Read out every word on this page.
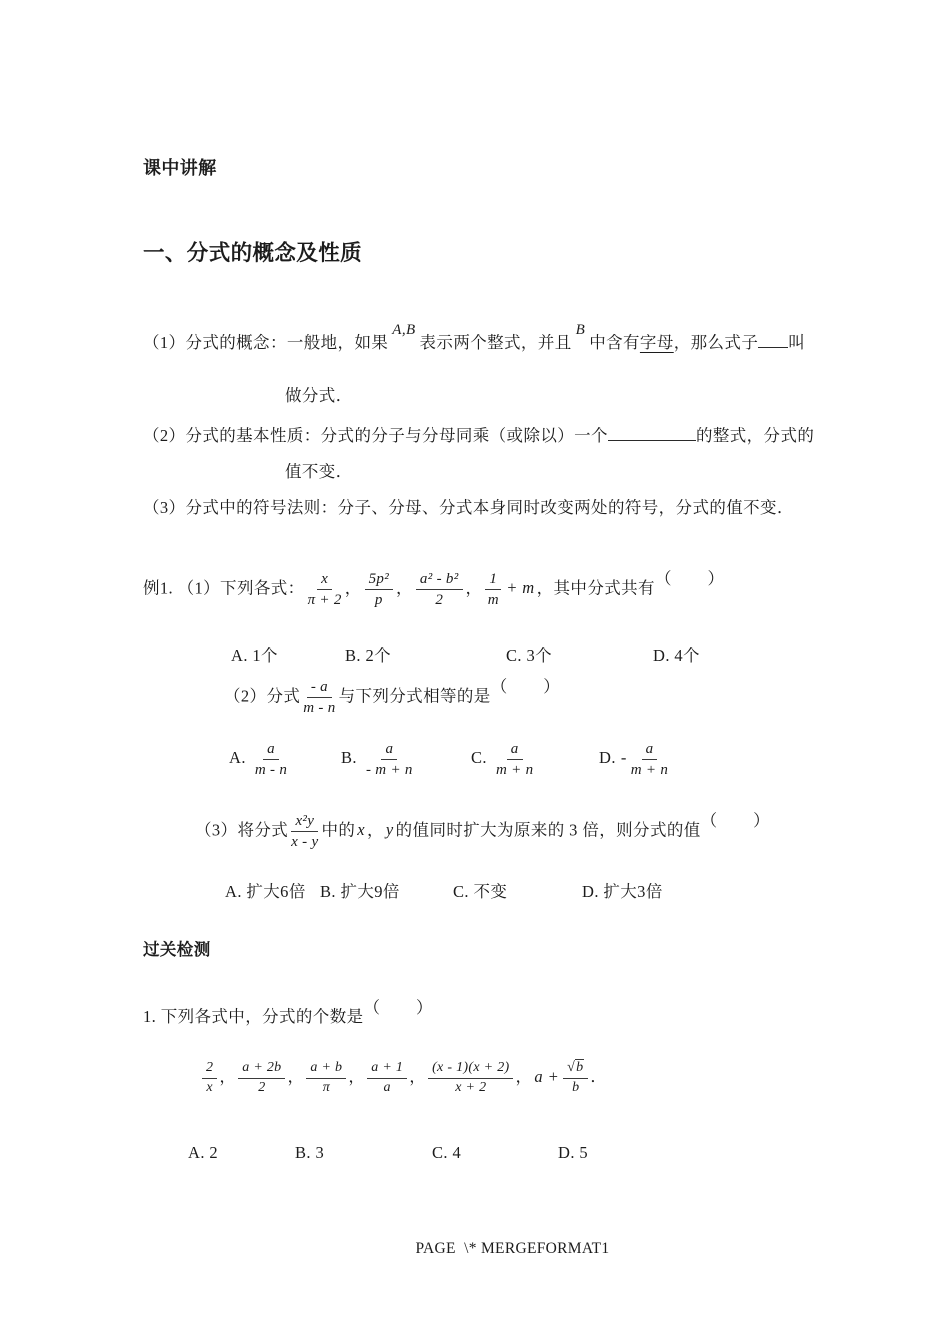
课中讲解
一、分式的概念及性质
（1）分式的概念：一般地，如果A,B表示两个整式，并且B中含有字母，那么式子 叫
做分式．
（2）分式的基本性质：分式的分子与分母同乘（或除以）一个	的整式，分式的
值不变．
（3）分式中的符号法则：分子、分母、分式本身同时改变两处的符号，分式的值不变．
例1. （1）下列各式： $\frac{x}{\pi + 2}$ ， $\frac{\text{5p²}}{p}$ ， $\frac{\text{a² - b²}}{2}$ ， $\frac{1}{m} + m$ ，其中分式共有（　　）
A. 1个	B. 2个	C. 3个	D. 4个
（2）分式 $\frac{- a}{m - n}$ 与下列分式相等的是（　　）
A. $\frac{a}{m - n}$	B. $\frac{a}{- m + n}$	C. $\frac{a}{m + n}$	D. - $\frac{a}{m + n}$
（3）将分式 $\frac{\text{x²y}}{x - y}$ 中的 x ， y 的值同时扩大为原来的 3 倍，则分式的值（　　）
A. 扩大6倍 B. 扩大9倍	C. 不变	D. 扩大3倍
过关检测
1. 下列各式中，分式的个数是（　　）
$\frac{2}{x}$ ， $\frac{a + 2b}{2}$ ， $\frac{a + b}{\pi}$ ， $\frac{a + 1}{a}$ ， $\frac{(x - 1)(x + 2)}{x + 2}$ ， $a + \frac{√b}{b}$ ．
A. 2	B. 3	C. 4	D. 5
PAGE  \* MERGEFORMAT1
